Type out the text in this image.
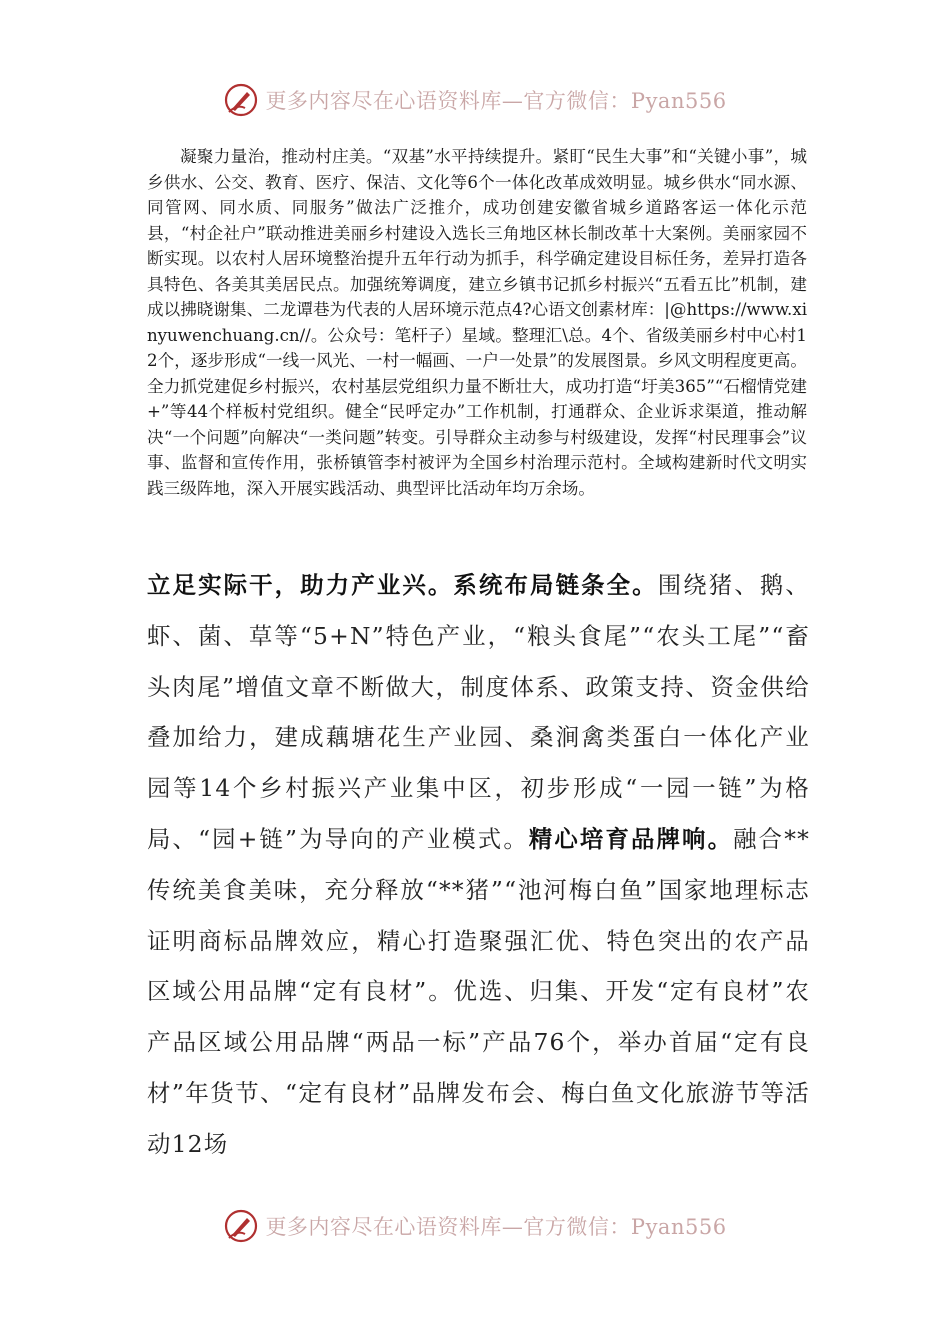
更多内容尽在心语资料库—官方微信：Pyan556

凝聚力量治，推动村庄美。“双基”水平持续提升。紧盯“民生大事”和“关键小事”，城乡供水、公交、教育、医疗、保洁、文化等6个一体化改革成效明显。城乡供水“同水源、同管网、同水质、同服务”做法广泛推介，成功创建安徽省城乡道路客运一体化示范县，“村企社户”联动推进美丽乡村建设入选长三角地区林长制改革十大案例。美丽家园不断实现。以农村人居环境整治提升五年行动为抓手，科学确定建设目标任务，差异打造各具特色、各美其美居民点。加强统筹调度，建立乡镇书记抓乡村振兴“五看五比”机制，建成以拂晓谢集、二龙谭巷为代表的人居环境示范点4?心语文创素材库：|@https://www.xinyuwenchuang.cn//。公众号：笔杆子）星域。整理汇\总。4个、省级美丽乡村中心村12个，逐步形成“一线一风光、一村一幅画、一户一处景”的发展图景。乡风文明程度更高。全力抓党建促乡村振兴，农村基层党组织力量不断壮大，成功打造“圩美365”“石榴情党建+”等44个样板村党组织。健全“民呼定办”工作机制，打通群众、企业诉求渠道，推动解决“一个问题”向解决“一类问题”转变。引导群众主动参与村级建设，发挥“村民理事会”议事、监督和宣传作用，张桥镇管李村被评为全国乡村治理示范村。全域构建新时代文明实践三级阵地，深入开展实践活动、典型评比活动年均万余场。

立足实际干，助力产业兴。系统布局链条全。围绕猪、鹅、虾、菌、草等“5+N”特色产业，“粮头食尾”“农头工尾”“畜头肉尾”增值文章不断做大，制度体系、政策支持、资金供给叠加给力，建成藕塘花生产业园、桑涧禽类蛋白一体化产业园等14个乡村振兴产业集中区，初步形成“一园一链”为格局、“园+链”为导向的产业模式。精心培育品牌响。融合**传统美食美味，充分释放“**猪”“池河梅白鱼”国家地理标志证明商标品牌效应，精心打造聚强汇优、特色突出的农产品区域公用品牌“定有良材”。优选、归集、开发“定有良材”农产品区域公用品牌“两品一标”产品76个，举办首届“定有良材”年货节、“定有良材”品牌发布会、梅白鱼文化旅游节等活动12场

更多内容尽在心语资料库—官方微信：Pyan556
